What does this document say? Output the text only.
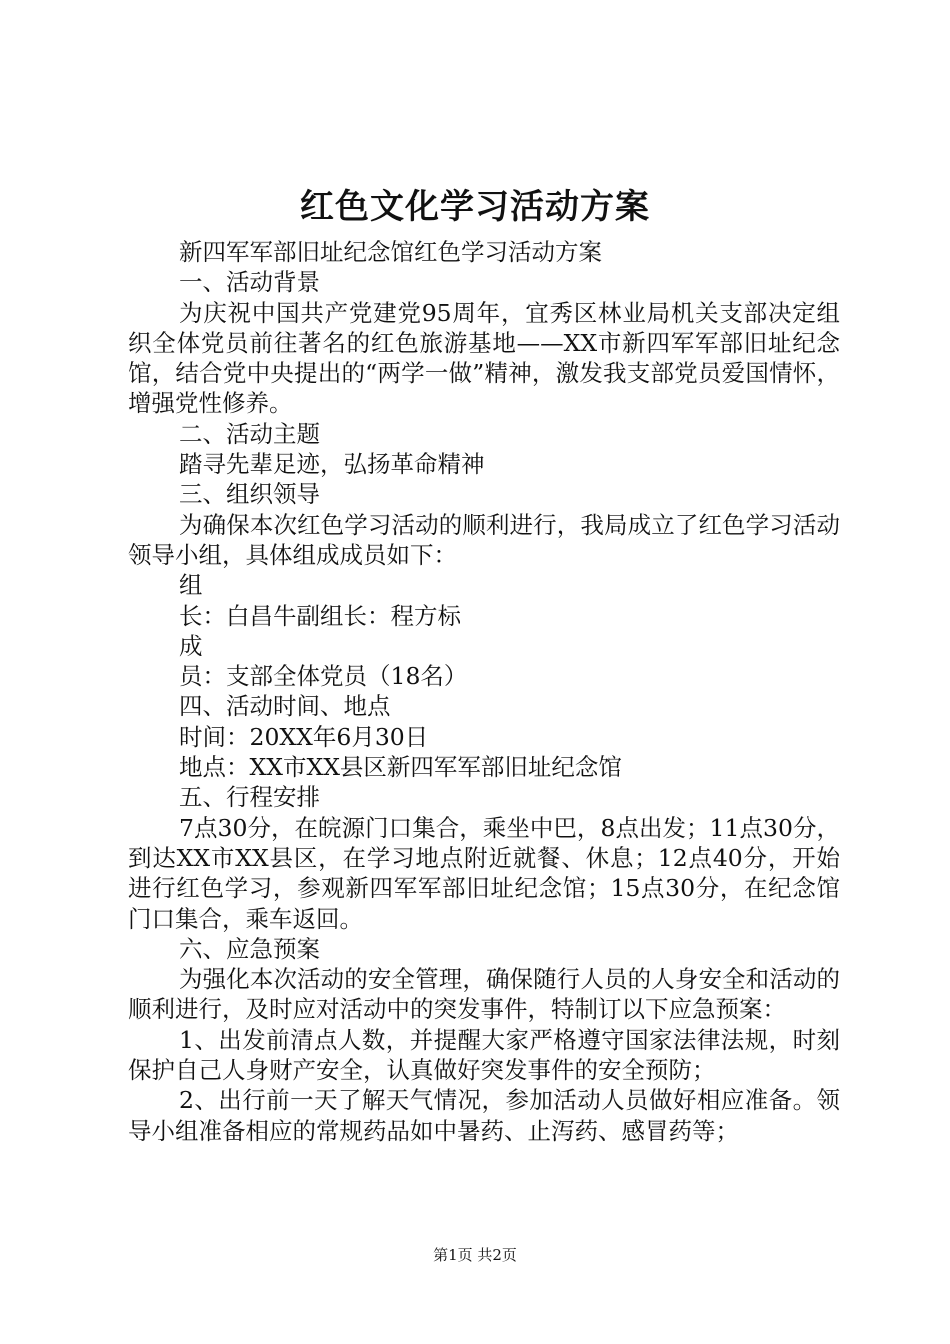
红色文化学习活动方案

新四军军部旧址纪念馆红色学习活动方案

一、活动背景

为庆祝中国共产党建党95周年，宜秀区林业局机关支部决定组织全体党员前往著名的红色旅游基地——XX市新四军军部旧址纪念馆，结合党中央提出的“两学一做”精神，激发我支部党员爱国情怀，增强党性修养。

二、活动主题

踏寻先辈足迹，弘扬革命精神

三、组织领导

为确保本次红色学习活动的顺利进行，我局成立了红色学习活动领导小组，具体组成成员如下：

组

长：白昌牛副组长：程方标

成

员：支部全体党员（18名）

四、活动时间、地点

时间：20XX年6月30日

地点：XX市XX县区新四军军部旧址纪念馆

五、行程安排

7点30分，在皖源门口集合，乘坐中巴，8点出发；11点30分，到达XX市XX县区，在学习地点附近就餐、休息；12点40分，开始进行红色学习，参观新四军军部旧址纪念馆；15点30分，在纪念馆门口集合，乘车返回。

六、应急预案

为强化本次活动的安全管理，确保随行人员的人身安全和活动的顺利进行，及时应对活动中的突发事件，特制订以下应急预案：

1、出发前清点人数，并提醒大家严格遵守国家法律法规，时刻保护自己人身财产安全，认真做好突发事件的安全预防；

2、出行前一天了解天气情况，参加活动人员做好相应准备。领导小组准备相应的常规药品如中暑药、止泻药、感冒药等；

第1页 共2页
